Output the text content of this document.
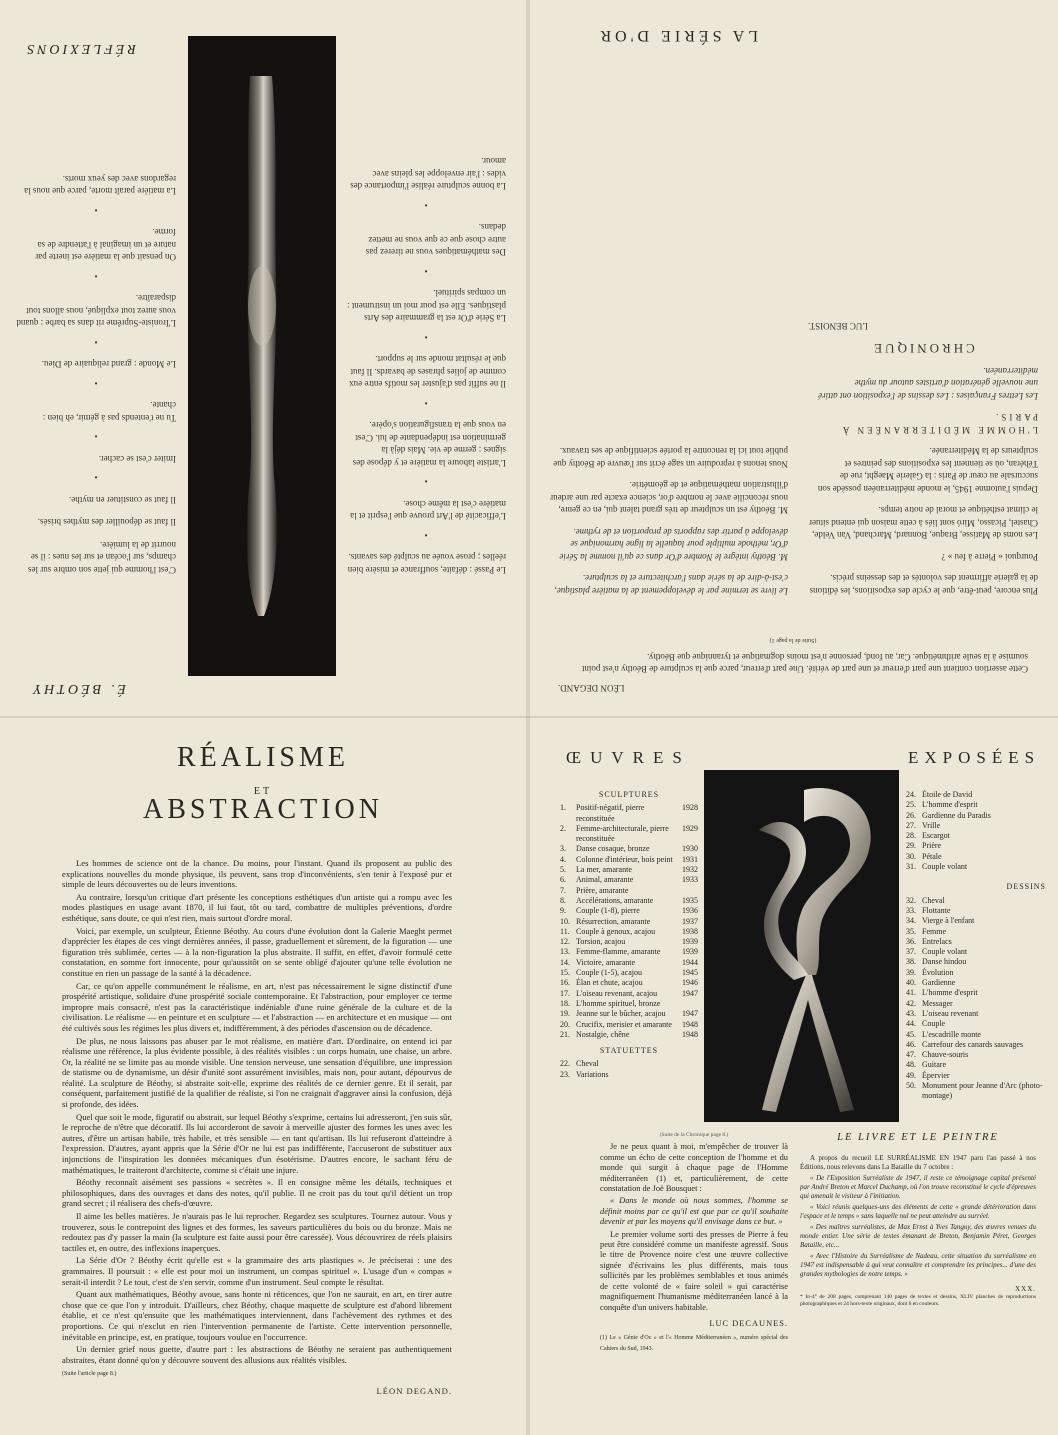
É. BÉOTHY

C'est l'homme qui jette son ombre sur les champs, sur l'océan et sur les nues : il se nourrit de la lumière.

Il faut se dépouiller des mythes brisés.

Il faut se constituer en mythe.

•

Imiter c'est se cacher.

•

Tu ne t'entends pas à gémir, eh bien : chante.

•

Le Monde : grand reliquaire de Dieu.

•

L'Ironiste-Suprême rit dans sa barbe : quand vous aurez tout expliqué, nous allons tout disparaître.

•

On pensait que la matière est inerte par nature et un imaginal à l'attendre de sa forme.

•

La matière paraît morte, parce que nous la regardons avec des yeux morts.

Le Passé : défaite, souffrance et misère bien réelles ; prose vouée au sculpté des savants.

•

L'efficacité de l'Art prouve que l'esprit et la matière c'est la même chose.

•

L'artiste laboure la matière et y dépose des signes : germe de vie. Mais déjà la germination est indépendante de lui. C'est en vous que la transfiguration s'opère.

•

Il ne suffit pas d'ajuster les motifs entre eux comme de jolies phrases de bavards. Il faut que le résultat monde sur le support.

•

La Série d'Or est la grammaire des Arts plastiques. Elle est pour moi un instrument : un compas spirituel.

•

Des mathématiques vous ne tirerez pas autre chose que ce que vous ne mettez dedans.

•

La bonne sculpture réalise l'importance des vides : l'air enveloppe les pleins avec amour.

RÉFLEXIONS
LÉON DEGAND.
Cette assertion contient une part d'erreur et une part de vérité. Une part d'erreur, parce que la sculpture de Béothy n'est point soumise à la seule arithmétique. Car, au fond, personne n'est moins dogmatique et tyrannique que Béothy.
(Suite de la page 1)

Plus encore, peut-être, que le cycle des expositions, les éditions de la galerie affirment des volontés et des desseins précis.

Pourquoi « Pierre à feu » ?

Les noms de Matisse, Braque, Bonnard, Marchand, Van Velde, Chastel, Picasso, Miró sont liés à cette maison qui entend situer le climat esthétique et moral de notre temps.

Depuis l'automne 1945, le monde méditerranéen possède son succursale au cœur de Paris : la Galerie Maeght, rue de Téhéran, où se tiennent les expositions des peintres et sculpteurs de la Méditerranée.

L'HOMME MÉDITERRANÉEN À PARIS.

Les Lettres Françaises : Les dessins de l'exposition ont attiré une nouvelle génération d'artistes autour du mythe méditerranéen.

CHRONIQUE
LUC BENOIST.

Le livre se termine par le développement de la matière plastique, c'est-à-dire de la série dans l'architecture et la sculpture.

M. Béothy intègre le Nombre d'Or dans ce qu'il nomme la Série d'Or, méthode multiple pour laquelle la ligne harmonique se développe à partir des rapports de proportion et de rythme.

M. Béothy est un sculpteur de très grand talent qui, en ce genre, nous réconcilie avec le nombre d'or, science exacte par une ardeur d'illustration mathématique et de géométrie.

Nous tenons à reproduire un sage écrit sur l'œuvre de Béothy que publie tout ici la rencontre la portée scientifique de ses travaux.

LA SÉRIE D'OR
RÉALISME
ET
ABSTRACTION

Les hommes de science ont de la chance. Du moins, pour l'instant. Quand ils proposent au public des explications nouvelles du monde physique, ils peuvent, sans trop d'inconvénients, s'en tenir à l'exposé pur et simple de leurs découvertes ou de leurs inventions.

Au contraire, lorsqu'un critique d'art présente les conceptions esthétiques d'un artiste qui a rompu avec les modes plastiques en usage avant 1870, il lui faut, tôt ou tard, combattre de multiples préventions, d'ordre esthétique, sans doute, ce qui n'est rien, mais surtout d'ordre moral.

Voici, par exemple, un sculpteur, Étienne Béothy. Au cours d'une évolution dont la Galerie Maeght permet d'apprécier les étapes de ces vingt dernières années, il passe, graduellement et sûrement, de la figuration — une figuration très sublimée, certes — à la non-figuration la plus abstraite. Il suffit, en effet, d'avoir formulé cette constatation, en somme fort innocente, pour qu'aussitôt on se sente obligé d'ajouter qu'une telle évolution ne constitue en rien un passage de la santé à la décadence.

Car, ce qu'on appelle communément le réalisme, en art, n'est pas nécessairement le signe distinctif d'une prospérité artistique, solidaire d'une prospérité sociale contemporaine. Et l'abstraction, pour employer ce terme impropre mais consacré, n'est pas la caractéristique indéniable d'une ruine générale de la culture et de la civilisation. Le réalisme — en peinture et en sculpture — et l'abstraction — en architecture et en musique — ont été cultivés sous les régimes les plus divers et, indifféremment, à des périodes d'ascension ou de décadence.

De plus, ne nous laissons pas abuser par le mot réalisme, en matière d'art. D'ordinaire, on entend ici par réalisme une référence, la plus évidente possible, à des réalités visibles : un corps humain, une chaise, un arbre. Or, la réalité ne se limite pas au monde visible. Une tension nerveuse, une sensation d'équilibre, une impression de statisme ou de dynamisme, un désir d'unité sont assurément invisibles, mais non, pour autant, dépourvus de réalité. La sculpture de Béothy, si abstraite soit-elle, exprime des réalités de ce dernier genre. Et il serait, par conséquent, parfaitement justifié de la qualifier de réaliste, si l'on ne craignait d'aggraver ainsi la confusion, déjà si profonde, des idées.

Quel que soit le mode, figuratif ou abstrait, sur lequel Béothy s'exprime, certains lui adresseront, j'en suis sûr, le reproche de n'être que décoratif. Ils lui accorderont de savoir à merveille ajuster des formes les unes avec les autres, d'être un artisan habile, très habile, et très sensible — en tant qu'artisan. Ils lui refuseront d'atteindre à l'expression. D'autres, ayant appris que la Série d'Or ne lui est pas indifférente, l'accuseront de substituer aux injonctions de l'inspiration les données mécaniques d'un ésotérisme. D'autres encore, le sachant féru de mathématiques, le traiteront d'architecte, comme si c'était une injure.

Béothy reconnaît aisément ses passions « secrètes ». Il en consigne même les détails, techniques et philosophiques, dans des ouvrages et dans des notes, qu'il publie. Il ne croit pas du tout qu'il détient un trop grand secret ; il réalisera des chefs-d'œuvre.

Il aime les belles matières. Je n'aurais pas le lui reprocher. Regardez ses sculptures. Tournez autour. Vous y trouverez, sous le contrepoint des lignes et des formes, les saveurs particulières du bois ou du bronze. Mais ne redoutez pas d'y passer la main (la sculpture est faite aussi pour être caressée). Vous découvrirez de réels plaisirs tactiles et, en outre, des inflexions inaperçues.

La Série d'Or ? Béothy écrit qu'elle est « la grammaire des arts plastiques ». Je préciserai : une des grammaires. Il poursuit : « elle est pour moi un instrument, un compas spirituel ». L'usage d'un « compas » serait-il interdit ? Le tout, c'est de s'en servir, comme d'un instrument. Seul compte le résultat.

Quant aux mathématiques, Béothy avoue, sans honte ni réticences, que l'on ne saurait, en art, en tirer autre chose que ce que l'on y introduit. D'ailleurs, chez Béothy, chaque maquette de sculpture est d'abord librement établie, et ce n'est qu'ensuite que les mathématiques interviennent, dans l'achèvement des rythmes et des proportions. Ce qui n'exclut en rien l'intervention permanente de l'artiste. Cette intervention personnelle, inévitable en principe, est, en pratique, toujours voulue en l'occurrence.

Un dernier grief nous guette, d'autre part : les abstractions de Béothy ne seraient pas authentiquement abstraites, étant donné qu'on y découvre souvent des allusions aux réalités visibles.

(Suite l'article page 8.)
LÉON DEGAND.
ŒUVRES	EXPOSÉES
SCULPTURES
1.	Positif-négatif, pierre reconstituée
1928
2.	Femme-architecturale, pierre reconstituée
1929
3.	Danse cosaque, bronze	1930
4.	Colonne d'intérieur, bois peint	1931
5.	La mer, amarante	1932
6.	Animal, amarante	1933
7.	Prière, amarante
8.	Accélérations, amarante	1935
9.	Couple (1-8), pierre	1936
10. Résurrection, amarante	1937
11. Couple à genoux, acajou	1938
12. Torsion, acajou	1939
13. Femme-flamme, amarante	1939
14. Victoire, amarante	1944
15. Couple (1-5), acajou	1945
16. Élan et chute, acajou	1946
17. L'oiseau revenant, acajou	1947
18. L'homme spirituel, bronze
19. Jeanne sur le bûcher, acajou	1947
20. Crucifix, merisier et amarante	1948
21. Nostalgie, chêne	1948
STATUETTES
22. Cheval
23. Variations
24. Étoile de David
25. L'homme d'esprit
26. Gardienne du Paradis
27. Vrille
28. Escargot
29. Prière
30. Pétale
31. Couple volant
DESSINS
32. Cheval
33. Flottante
34. Vierge à l'enfant
35. Femme
36. Entrelacs
37. Couple volant
38. Danse hindou
39. Évolution
40. Gardienne
41. L'homme d'esprit
42. Messager
43. L'oiseau revenant
44. Couple
45. L'escadrille monte
46. Carrefour des canards sauvages
47. Chauve-souris
48. Guitare
49. Épervier
50. Monument pour Jeanne d'Arc (photo-montage)

(Suite de la Chronique page 8.)

Je ne peux quant à moi, m'empêcher de trouver là comme un écho de cette conception de l'homme et du monde qui surgit à chaque page de l'Homme méditerranéen (1) et, particulièrement, de cette constatation de Joë Bousquet :

« Dans le monde où nous sommes, l'homme se définit moins par ce qu'il est que par ce qu'il souhaite devenir et par les moyens qu'il envisage dans ce but. »

Le premier volume sorti des presses de Pierre à feu peut être considéré comme un manifeste agressif. Sous le titre de Provence noire c'est une œuvre collective signée d'écrivains les plus différents, mais tous sollicités par les problèmes semblables et tous animés de cette volonté de « faire soleil » qui caractérise magnifiquement l'humanisme méditerranéen lancé à la conquête d'un univers habitable.

LUC DECAUNES.

(1) Le « Génie d'Oc » et l'« Homme Méditerranéen », numéro spécial des Cahiers du Sud, 1943.

LE LIVRE ET LE PEINTRE

A propos du recueil LE SURRÉALISME EN 1947 paru l'an passé à nos Éditions, nous relevons dans La Bataille du 7 octobre :

« De l'Exposition Surréaliste de 1947, il reste ce témoignage capital présenté par André Breton et Marcel Duchamp, où l'on trouve reconstitué le cycle d'épreuves qui amenait le visiteur à l'initiation.

« Voici réunis quelques-uns des éléments de cette « grande détérioration dans l'espace et le temps » sans laquelle nul ne peut atteindre au surréel.

« Des maîtres surréalistes, de Max Ernst à Yves Tanguy, des œuvres venues du monde entier. Une série de textes émanant de Breton, Benjamin Péret, Georges Bataille, etc...

« Avec l'Histoire du Surréalisme de Nadeau, cette situation du surréalisme en 1947 est indispensable à qui veut connaître et comprendre les principes... d'une des grandes mythologies de notre temps. »

XXX.

* In-4° de 208 pages, comprenant 140 pages de textes et dessins, XLIV planches de reproductions photographiques et 24 hors-texte originaux, dont 6 en couleurs.
